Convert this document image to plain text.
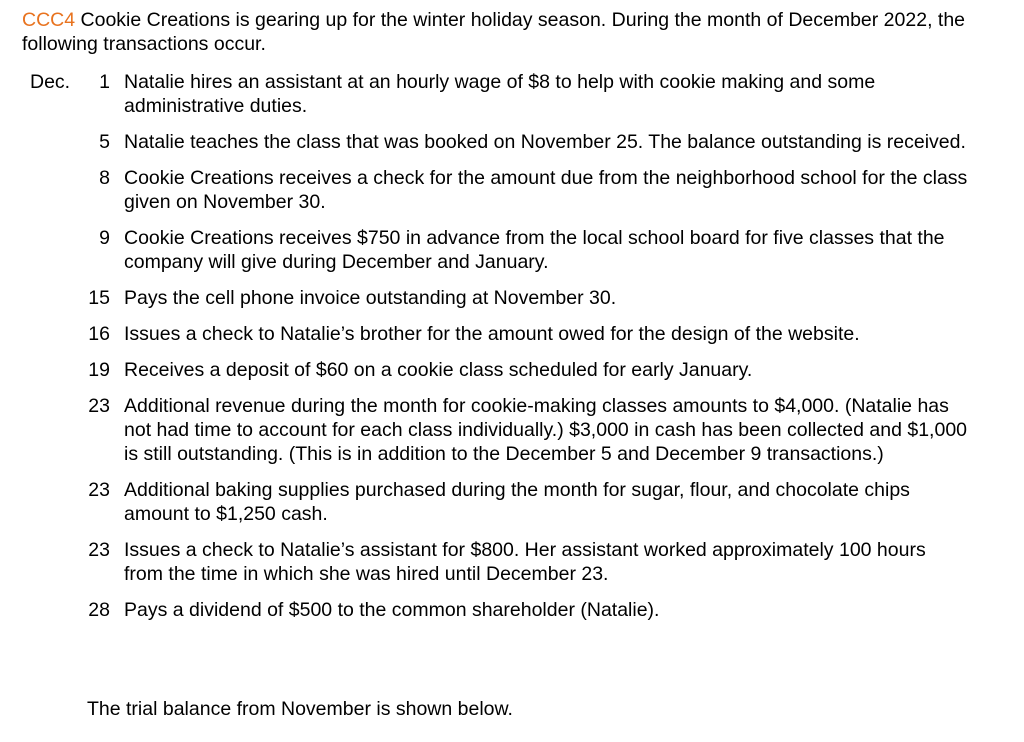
CCC4 Cookie Creations is gearing up for the winter holiday season. During the month of December 2022, the following transactions occur.
Dec. 1 Natalie hires an assistant at an hourly wage of $8 to help with cookie making and some administrative duties.
5 Natalie teaches the class that was booked on November 25. The balance outstanding is received.
8 Cookie Creations receives a check for the amount due from the neighborhood school for the class given on November 30.
9 Cookie Creations receives $750 in advance from the local school board for five classes that the company will give during December and January.
15 Pays the cell phone invoice outstanding at November 30.
16 Issues a check to Natalie’s brother for the amount owed for the design of the website.
19 Receives a deposit of $60 on a cookie class scheduled for early January.
23 Additional revenue during the month for cookie-making classes amounts to $4,000. (Natalie has not had time to account for each class individually.) $3,000 in cash has been collected and $1,000 is still outstanding. (This is in addition to the December 5 and December 9 transactions.)
23 Additional baking supplies purchased during the month for sugar, flour, and chocolate chips amount to $1,250 cash.
23 Issues a check to Natalie’s assistant for $800. Her assistant worked approximately 100 hours from the time in which she was hired until December 23.
28 Pays a dividend of $500 to the common shareholder (Natalie).
The trial balance from November is shown below.
